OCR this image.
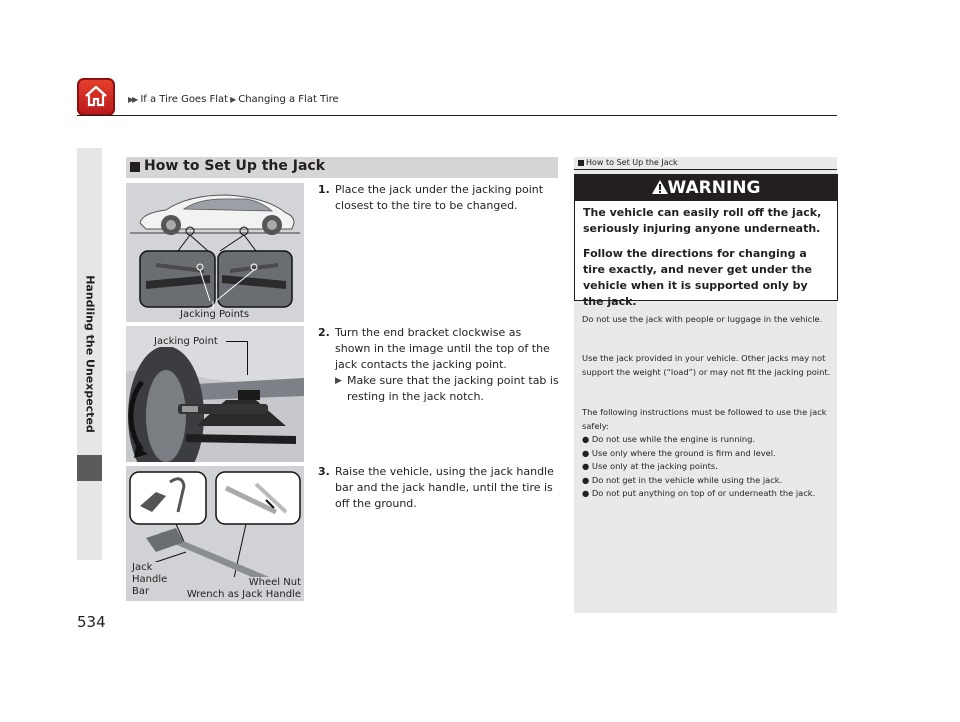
▶▶ If a Tire Goes Flat ▶ Changing a Flat Tire
Handling the Unexpected
534
How to Set Up the Jack
Jacking Points
Jacking Point
Jack
Handle
Bar
Wheel Nut
Wrench as Jack Handle
1. Place the jack under the jacking point closest to the tire to be changed.
2. Turn the end bracket clockwise as shown in the image until the top of the jack contacts the jacking point.
▶ Make sure that the jacking point tab is resting in the jack notch.
3. Raise the vehicle, using the jack handle bar and the jack handle, until the tire is off the ground.
How to Set Up the Jack
WARNING
The vehicle can easily roll off the jack, seriously injuring anyone underneath.
Follow the directions for changing a tire exactly, and never get under the vehicle when it is supported only by the jack.
Do not use the jack with people or luggage in the vehicle.
Use the jack provided in your vehicle. Other jacks may not support the weight (“load”) or may not fit the jacking point.
The following instructions must be followed to use the jack safely:
● Do not use while the engine is running.
● Use only where the ground is firm and level.
● Use only at the jacking points.
● Do not get in the vehicle while using the jack.
● Do not put anything on top of or underneath the jack.
